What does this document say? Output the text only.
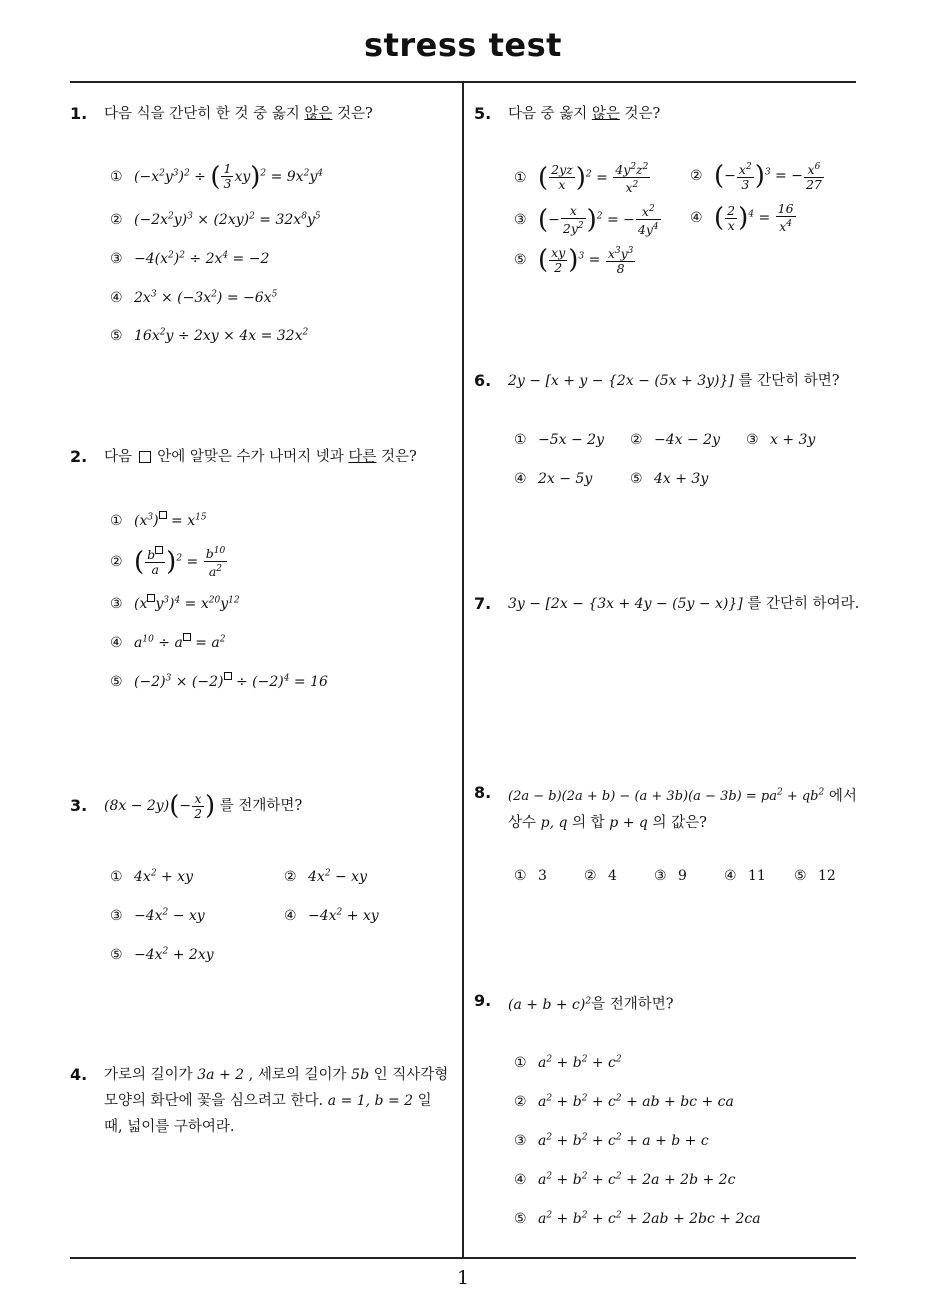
stress test
1
1. 다음 식을 간단히 한 것 중 옳지 않은 것은?
① $(-x^2y^3)^2$ ÷ ( $\frac{1}{3} xy)^2 = 9x^2y^4$
② $(-2x^2y)^3 \times (2xy)^2 = 32x^8y^5$
③ $-4(x^2)^2 \div 2x^4 = -2$
④ $2x^3 \times (-3x^2) = -6x^5$
⑤ $16x^2y \div 2xy \times 4x = 32x^2$
2. 다음 안에 알맞은 수가 나머지 넷과 다른 것은?
① $(x^3) = x^{15}$
② ( $\frac{b}{a} )^2 = \frac{b^{10}}{a^2}$
③ (x $y^3)^4 = x^{20}y^{12}$
④ $a^{10} \div a = a^2$
⑤ $(-2)^3 \times (-2) \div (-2)^4 = 16$
3. $(8x - 2y)(- \frac{x}{2}$ ) 를 전개하면?
① $4x^2$ + xy	② $4x^2$ − xy
③ $-4x^2$ − xy	④ $-4x^2$ + xy
⑤ $-4x^2 + 2xy$
4. 가로의 길이가 3a + 2 , 세로의 길이가 5b 인 직사각형
모양의 화단에 꽃을 심으려고 한다. a = 1, b = 2 일
때, 넓이를 구하여라.
5. 다음 중 옳지 않은 것은?
① ( $\frac{2yz}{x} )^2 = \frac{4y^2z^2}{x^2}$	② (− $\frac{x^2}{3} )^3$ = − $\frac{x^6}{27}$
③ (− $\frac{x}{2y^2} )^2$ = − $\frac{x^2}{4y^4}$ ④ ( $\frac{2}{x} )^4 = \frac{16}{x^4}$
⑤ ( $\frac{xy}{2} )^3 = \frac{x^3y^3}{8}$
6. 2y − [x + y − {2x − (5x + 3y)}] 를 간단히 하면?
① −5x − 2y ② −4x − 2y ③ x + 3y
④ 2x − 5y	⑤ 4x + 3y
7. 3y − [2x − {3x + 4y − (5y − x)}] 를 간단히 하여라.
8. $(2a - b)(2a + b) - (a + 3b)(a - 3b) = pa^2 + qb^2$ 에서
상수 p, q 의 합 p + q 의 값은?
① 3	② 4	③ 9	④ 11 ⑤ 12
9. $(a + b + c)^2$을 전개하면?
① $a^2 + b^2 + c^2$
② $a^2 + b^2 + c^2$ + ab + bc + ca
③ $a^2 + b^2 + c^2 + a + b + c$
④ $a^2 + b^2 + c^2 + 2a + 2b + 2c$
⑤ $a^2 + b^2 + c^2 + 2ab + 2bc + 2ca$
